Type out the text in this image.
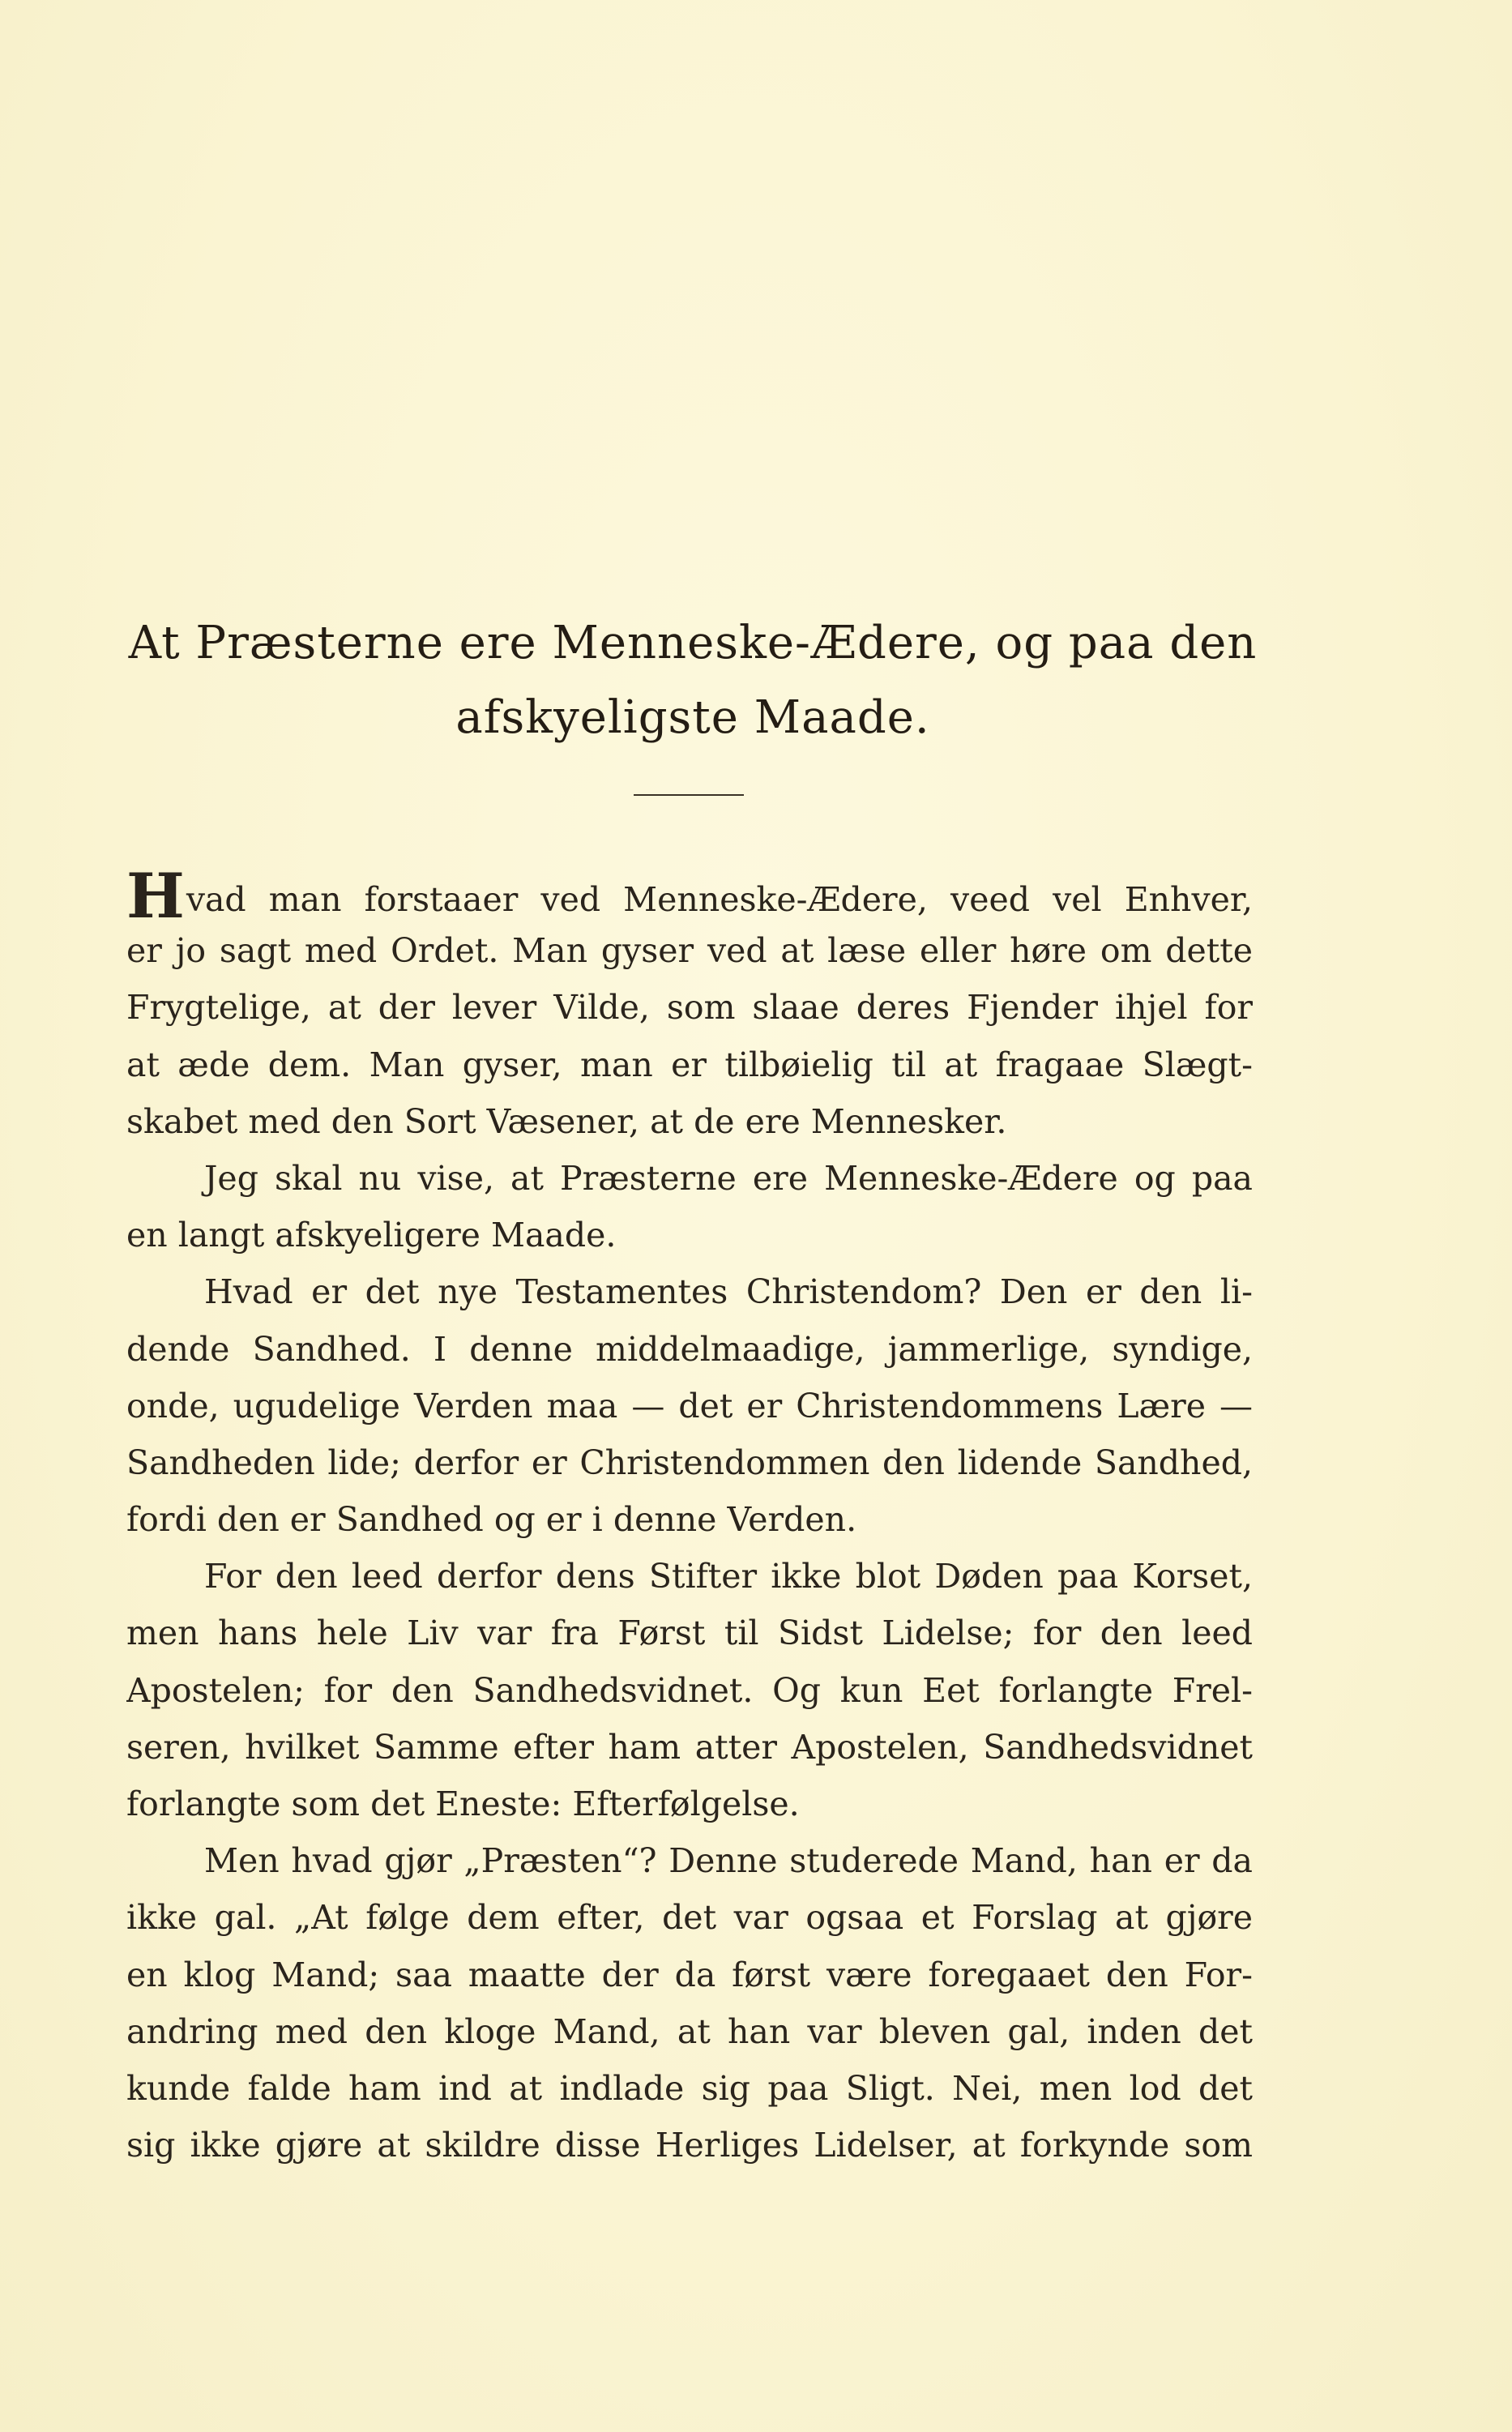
At Præsterne ere Menneske-Ædere, og paa den
afskyeligste Maade.
Hvad man forstaaer ved Menneske-Ædere, veed vel Enhver,
er jo sagt med Ordet. Man gyser ved at læse eller høre om dette
Frygtelige, at der lever Vilde, som slaae deres Fjender ihjel for
at æde dem. Man gyser, man er tilbøielig til at fragaae Slægt-
skabet med den Sort Væsener, at de ere Mennesker.
Jeg skal nu vise, at Præsterne ere Menneske-Ædere og paa
en langt afskyeligere Maade.
Hvad er det nye Testamentes Christendom? Den er den li-
dende Sandhed. I denne middelmaadige, jammerlige, syndige,
onde, ugudelige Verden maa — det er Christendommens Lære —
Sandheden lide; derfor er Christendommen den lidende Sandhed,
fordi den er Sandhed og er i denne Verden.
For den leed derfor dens Stifter ikke blot Døden paa Korset,
men hans hele Liv var fra Først til Sidst Lidelse; for den leed
Apostelen; for den Sandhedsvidnet. Og kun Eet forlangte Frel-
seren, hvilket Samme efter ham atter Apostelen, Sandhedsvidnet
forlangte som det Eneste: Efterfølgelse.
Men hvad gjør „Præsten“? Denne studerede Mand, han er da
ikke gal. „At følge dem efter, det var ogsaa et Forslag at gjøre
en klog Mand; saa maatte der da først være foregaaet den For-
andring med den kloge Mand, at han var bleven gal, inden det
kunde falde ham ind at indlade sig paa Sligt. Nei, men lod det
sig ikke gjøre at skildre disse Herliges Lidelser, at forkynde som
